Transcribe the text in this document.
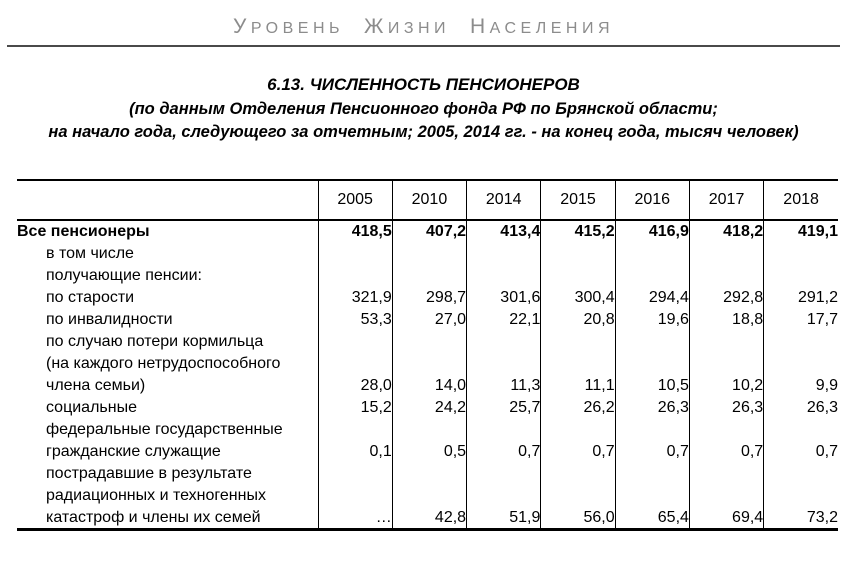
УРОВЕНЬ ЖИЗНИ НАСЕЛЕНИЯ
6.13. ЧИСЛЕННОСТЬ ПЕНСИОНЕРОВ
(по данным Отделения Пенсионного фонда РФ по Брянской области;
на начало года, следующего за отчетным; 2005, 2014 гг. - на конец года, тысяч человек)
	2005	2010	2014	2015	2016	2017	2018
Все пенсионеры	418,5	407,2	413,4	415,2	416,9	418,2	419,1
в том числе							
получающие пенсии:							
по старости	321,9	298,7	301,6	300,4	294,4	292,8	291,2
по инвалидности	53,3	27,0	22,1	20,8	19,6	18,8	17,7
по случаю потери кормильца							
(на каждого нетрудоспособного							
члена семьи)	28,0	14,0	11,3	11,1	10,5	10,2	9,9
социальные	15,2	24,2	25,7	26,2	26,3	26,3	26,3
федеральные государственные							
гражданские служащие	0,1	0,5	0,7	0,7	0,7	0,7	0,7
пострадавшие в результате							
радиационных и техногенных							
катастроф и члены их семей	…	42,8	51,9	56,0	65,4	69,4	73,2
